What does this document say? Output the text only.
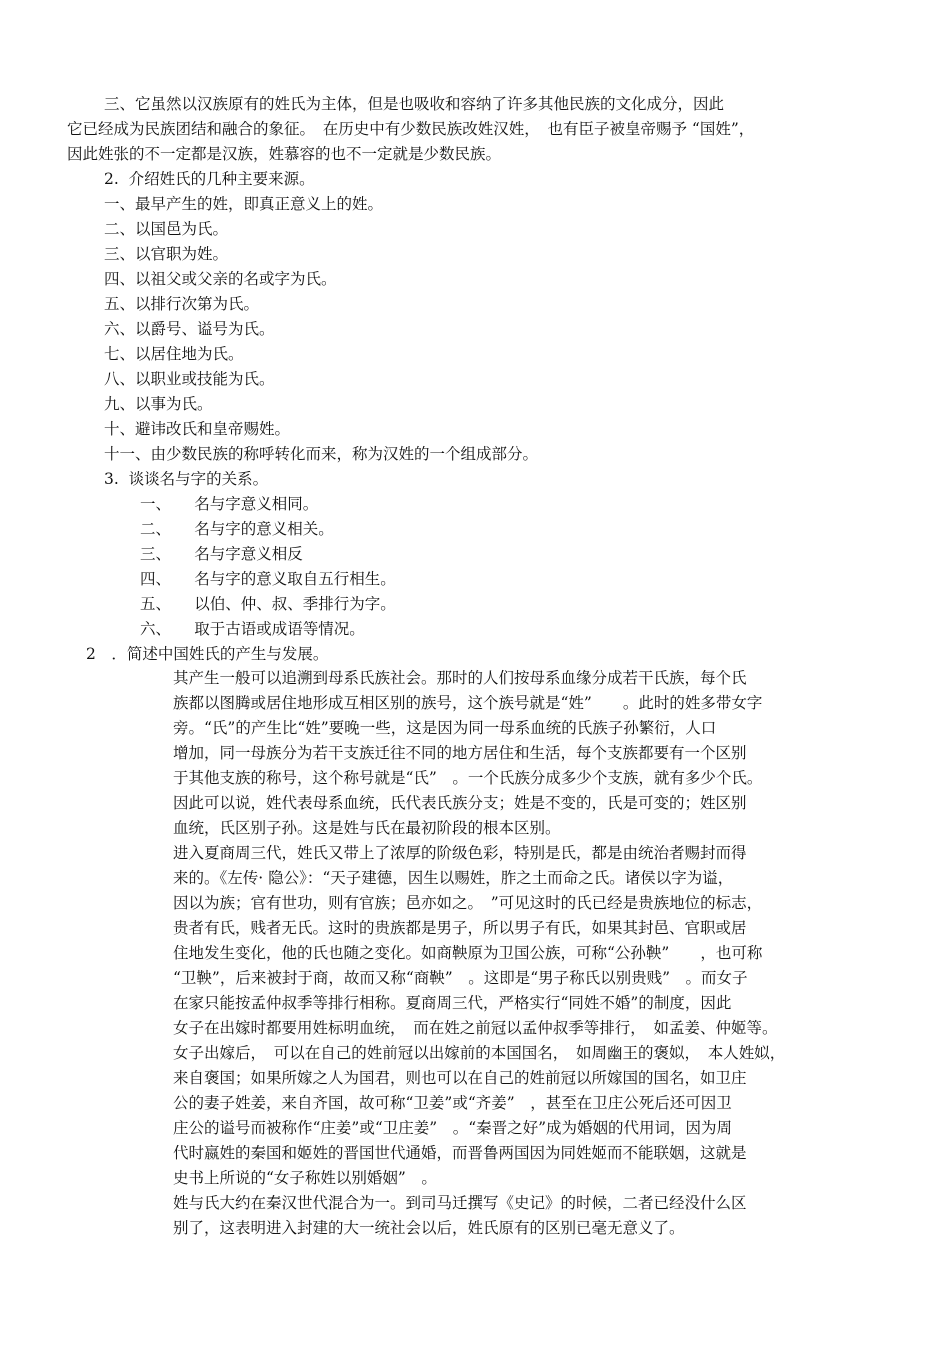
三、它虽然以汉族原有的姓氏为主体，但是也吸收和容纳了许多其他民族的文化成分，因此
它已经成为民族团结和融合的象征。　在历史中有少数民族改姓汉姓，　也有臣子被皇帝赐予 “国姓”，
因此姓张的不一定都是汉族，姓慕容的也不一定就是少数民族。
2.  介绍姓氏的几种主要来源。
一、最早产生的姓，即真正意义上的姓。
二、以国邑为氏。
三、以官职为姓。
四、以祖父或父亲的名或字为氏。
五、以排行次第为氏。
六、以爵号、谥号为氏。
七、以居住地为氏。
八、以职业或技能为氏。
九、以事为氏。
十、避讳改氏和皇帝赐姓。
十一、由少数民族的称呼转化而来，称为汉姓的一个组成部分。
3.  谈谈名与字的关系。
一、　　名与字意义相同。
二、　　名与字的意义相关。
三、　　名与字意义相反
四、　　名与字的意义取自五行相生。
五、　　以伯、仲、叔、季排行为字。
六、　　取于古语或成语等情况。
2　．简述中国姓氏的产生与发展。
其产生一般可以追溯到母系氏族社会。那时的人们按母系血缘分成若干氏族，每个氏
族都以图腾或居住地形成互相区别的族号，这个族号就是“姓”　　。此时的姓多带女字
旁。“氏”的产生比“姓”要晚一些，这是因为同一母系血统的氏族子孙繁衍，人口
增加，同一母族分为若干支族迁往不同的地方居住和生活，每个支族都要有一个区别
于其他支族的称号，这个称号就是“氏”　。一个氏族分成多少个支族，就有多少个氏。
因此可以说，姓代表母系血统，氏代表氏族分支；姓是不变的，氏是可变的；姓区别
血统，氏区别子孙。这是姓与氏在最初阶段的根本区别。
进入夏商周三代，姓氏又带上了浓厚的阶级色彩，特别是氏，都是由统治者赐封而得
来的。《左传· 隐公》：“天子建德，因生以赐姓，胙之土而命之氏。诸侯以字为谥，
因以为族；官有世功，则有官族；邑亦如之。　”可见这时的氏已经是贵族地位的标志，
贵者有氏，贱者无氏。这时的贵族都是男子，所以男子有氏，如果其封邑、官职或居
住地发生变化，他的氏也随之变化。如商鞅原为卫国公族，可称“公孙鞅”　　，也可称
“卫鞅”，后来被封于商，故而又称“商鞅”　。这即是“男子称氏以别贵贱”　。而女子
在家只能按孟仲叔季等排行相称。夏商周三代，严格实行“同姓不婚”的制度，因此
女子在出嫁时都要用姓标明血统，　而在姓之前冠以孟仲叔季等排行，　如孟姜、仲姬等。
女子出嫁后，　可以在自己的姓前冠以出嫁前的本国国名，　如周幽王的褒姒，　本人姓姒，
来自褒国；如果所嫁之人为国君，则也可以在自己的姓前冠以所嫁国的国名，如卫庄
公的妻子姓姜，来自齐国，故可称“卫姜”或“齐姜”　，甚至在卫庄公死后还可因卫
庄公的谥号而被称作“庄姜”或“卫庄姜”　。“秦晋之好”成为婚姻的代用词，因为周
代时嬴姓的秦国和姬姓的晋国世代通婚，而晋鲁两国因为同姓姬而不能联姻，这就是
史书上所说的“女子称姓以别婚姻”　。
姓与氏大约在秦汉世代混合为一。到司马迁撰写《史记》的时候，二者已经没什么区
别了，这表明进入封建的大一统社会以后，姓氏原有的区别已毫无意义了。
